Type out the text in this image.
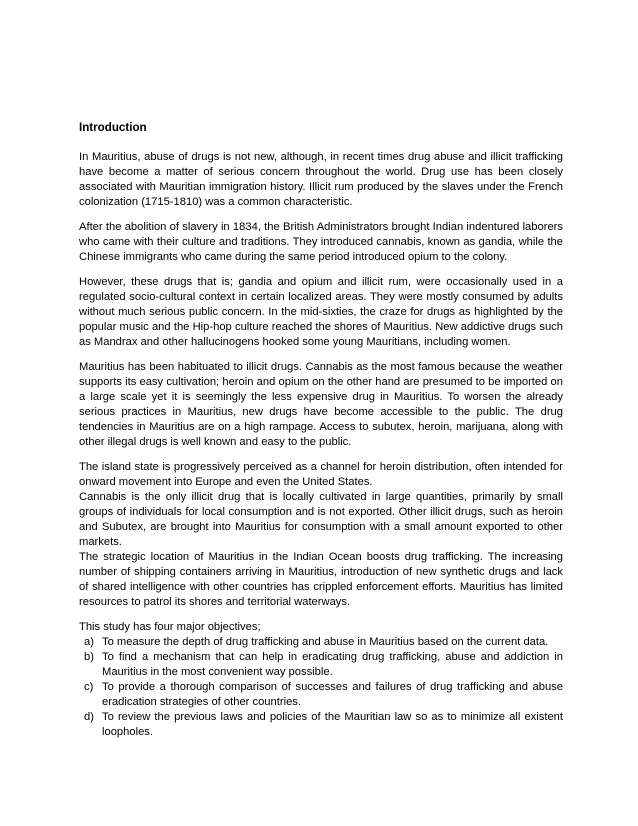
Introduction

In Mauritius, abuse of drugs is not new, although, in recent times drug abuse and illicit trafficking have become a matter of serious concern throughout the world. Drug use has been closely associated with Mauritian immigration history. Illicit rum produced by the slaves under the French colonization (1715-1810) was a common characteristic.

After the abolition of slavery in 1834, the British Administrators brought Indian indentured laborers who came with their culture and traditions. They introduced cannabis, known as gandia, while the Chinese immigrants who came during the same period introduced opium to the colony.

However, these drugs that is; gandia and opium and illicit rum, were occasionally used in a regulated socio-cultural context in certain localized areas. They were mostly consumed by adults without much serious public concern. In the mid-sixties, the craze for drugs as highlighted by the popular music and the Hip-hop culture reached the shores of Mauritius. New addictive drugs such as Mandrax and other hallucinogens hooked some young Mauritians, including women.

Mauritius has been habituated to illicit drugs. Cannabis as the most famous because the weather supports its easy cultivation; heroin and opium on the other hand are presumed to be imported on a large scale yet it is seemingly the less expensive drug in Mauritius. To worsen the already serious practices in Mauritius, new drugs have become accessible to the public. The drug tendencies in Mauritius are on a high rampage. Access to subutex, heroin, marijuana, along with other illegal drugs is well known and easy to the public.

The island state is progressively perceived as a channel for heroin distribution, often intended for onward movement into Europe and even the United States.

Cannabis is the only illicit drug that is locally cultivated in large quantities, primarily by small groups of individuals for local consumption and is not exported. Other illicit drugs, such as heroin and Subutex, are brought into Mauritius for consumption with a small amount exported to other markets.

The strategic location of Mauritius in the Indian Ocean boosts drug trafficking. The increasing number of shipping containers arriving in Mauritius, introduction of new synthetic drugs and lack of shared intelligence with other countries has crippled enforcement efforts. Mauritius has limited resources to patrol its shores and territorial waterways.

This study has four major objectives;

a) To measure the depth of drug trafficking and abuse in Mauritius based on the current data.
b) To find a mechanism that can help in eradicating drug trafficking, abuse and addiction in Mauritius in the most convenient way possible.
c) To provide a thorough comparison of successes and failures of drug trafficking and abuse eradication strategies of other countries.
d) To review the previous laws and policies of the Mauritian law so as to minimize all existent loopholes.
